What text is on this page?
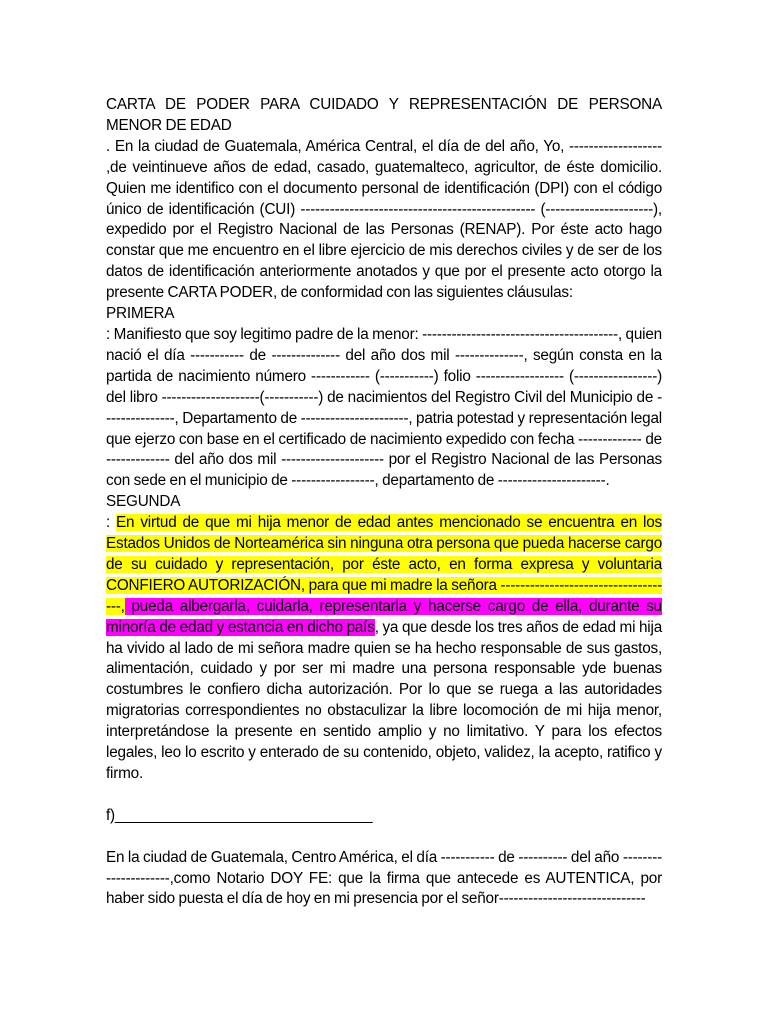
CARTA DE PODER PARA CUIDADO Y REPRESENTACIÓN DE PERSONA MENOR DE EDAD

. En la ciudad de Guatemala, América Central, el día de del año, Yo, ------------------- ,de veintinueve años de edad, casado, guatemalteco, agricultor, de éste domicilio. Quien me identifico con el documento personal de identificación (DPI) con el código único de identificación (CUI) ------------------------------------------------ (----------------------), expedido por el Registro Nacional de las Personas (RENAP). Por éste acto hago constar que me encuentro en el libre ejercicio de mis derechos civiles y de ser de los datos de identificación anteriormente anotados y que por el presente acto otorgo la presente CARTA PODER, de conformidad con las siguientes cláusulas:

PRIMERA

: Manifiesto que soy legitimo padre de la menor: ----------------------------------------, quien nació el día ----------- de -------------- del año dos mil --------------, según consta en la partida de nacimiento número ------------ (-----------) folio ------------------ (-----------------) del libro --------------------(-----------) de nacimientos del Registro Civil del Municipio de ---------------, Departamento de ----------------------, patria potestad y representación legal que ejerzo con base en el certificado de nacimiento expedido con fecha ------------- de ------------- del año dos mil --------------------- por el Registro Nacional de las Personas con sede en el municipio de -----------------, departamento de ----------------------.

SEGUNDA

: En virtud de que mi hija menor de edad antes mencionado se encuentra en los Estados Unidos de Norteamérica sin ninguna otra persona que pueda hacerse cargo de su cuidado y representación, por éste acto, en forma expresa y voluntaria CONFIERO AUTORIZACIÓN, para que mi madre la señora ------------------------------------, pueda albergarla, cuidarla, representarla y hacerse cargo de ella, durante su minoría de edad y estancia en dicho país, ya que desde los tres años de edad mi hija ha vivido al lado de mi señora madre quien se ha hecho responsable de sus gastos, alimentación, cuidado y por ser mi madre una persona responsable yde buenas costumbres le confiero dicha autorización. Por lo que se ruega a las autoridades migratorias correspondientes no obstaculizar la libre locomoción de mi hija menor, interpretándose la presente en sentido amplio y no limitativo. Y para los efectos legales, leo lo escrito y enterado de su contenido, objeto, validez, la acepto, ratifico y firmo.

f)_______________________________

En la ciudad de Guatemala, Centro América, el día ----------- de ---------- del año ---------------------,como Notario DOY FE: que la firma que antecede es AUTENTICA, por haber sido puesta el día de hoy en mi presencia por el señor------------------------------
